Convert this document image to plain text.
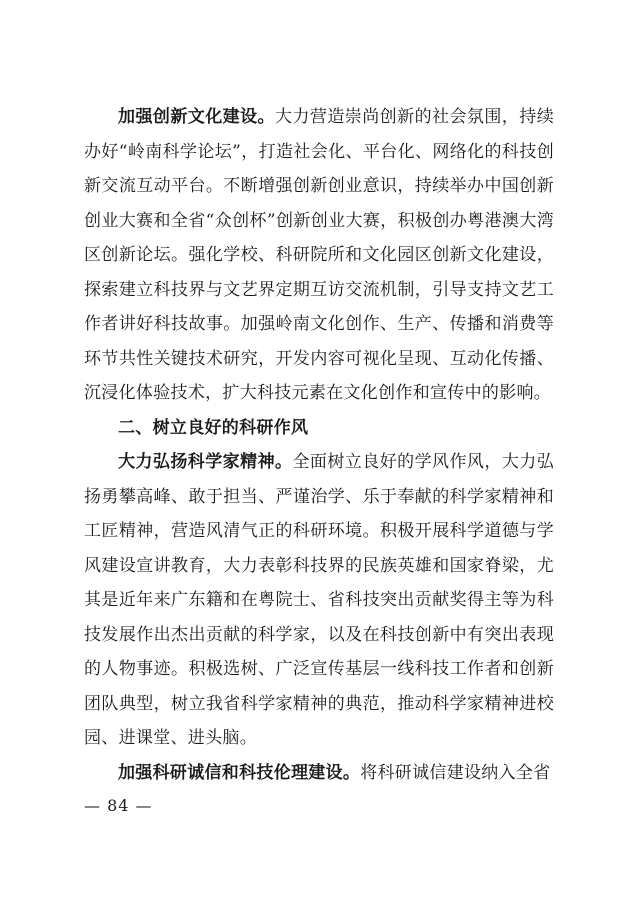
加强创新文化建设。大力营造崇尚创新的社会氛围，持续办好“岭南科学论坛”，打造社会化、平台化、网络化的科技创新交流互动平台。不断增强创新创业意识，持续举办中国创新创业大赛和全省“众创杯”创新创业大赛，积极创办粤港澳大湾区创新论坛。强化学校、科研院所和文化园区创新文化建设，探索建立科技界与文艺界定期互访交流机制，引导支持文艺工作者讲好科技故事。加强岭南文化创作、生产、传播和消费等环节共性关键技术研究，开发内容可视化呈现、互动化传播、沉浸化体验技术，扩大科技元素在文化创作和宣传中的影响。

二、树立良好的科研作风

大力弘扬科学家精神。全面树立良好的学风作风，大力弘扬勇攀高峰、敢于担当、严谨治学、乐于奉献的科学家精神和工匠精神，营造风清气正的科研环境。积极开展科学道德与学风建设宣讲教育，大力表彰科技界的民族英雄和国家脊梁，尤其是近年来广东籍和在粤院士、省科技突出贡献奖得主等为科技发展作出杰出贡献的科学家，以及在科技创新中有突出表现的人物事迹。积极选树、广泛宣传基层一线科技工作者和创新团队典型，树立我省科学家精神的典范，推动科学家精神进校园、进课堂、进头脑。

加强科研诚信和科技伦理建设。将科研诚信建设纳入全省

— 84 —
